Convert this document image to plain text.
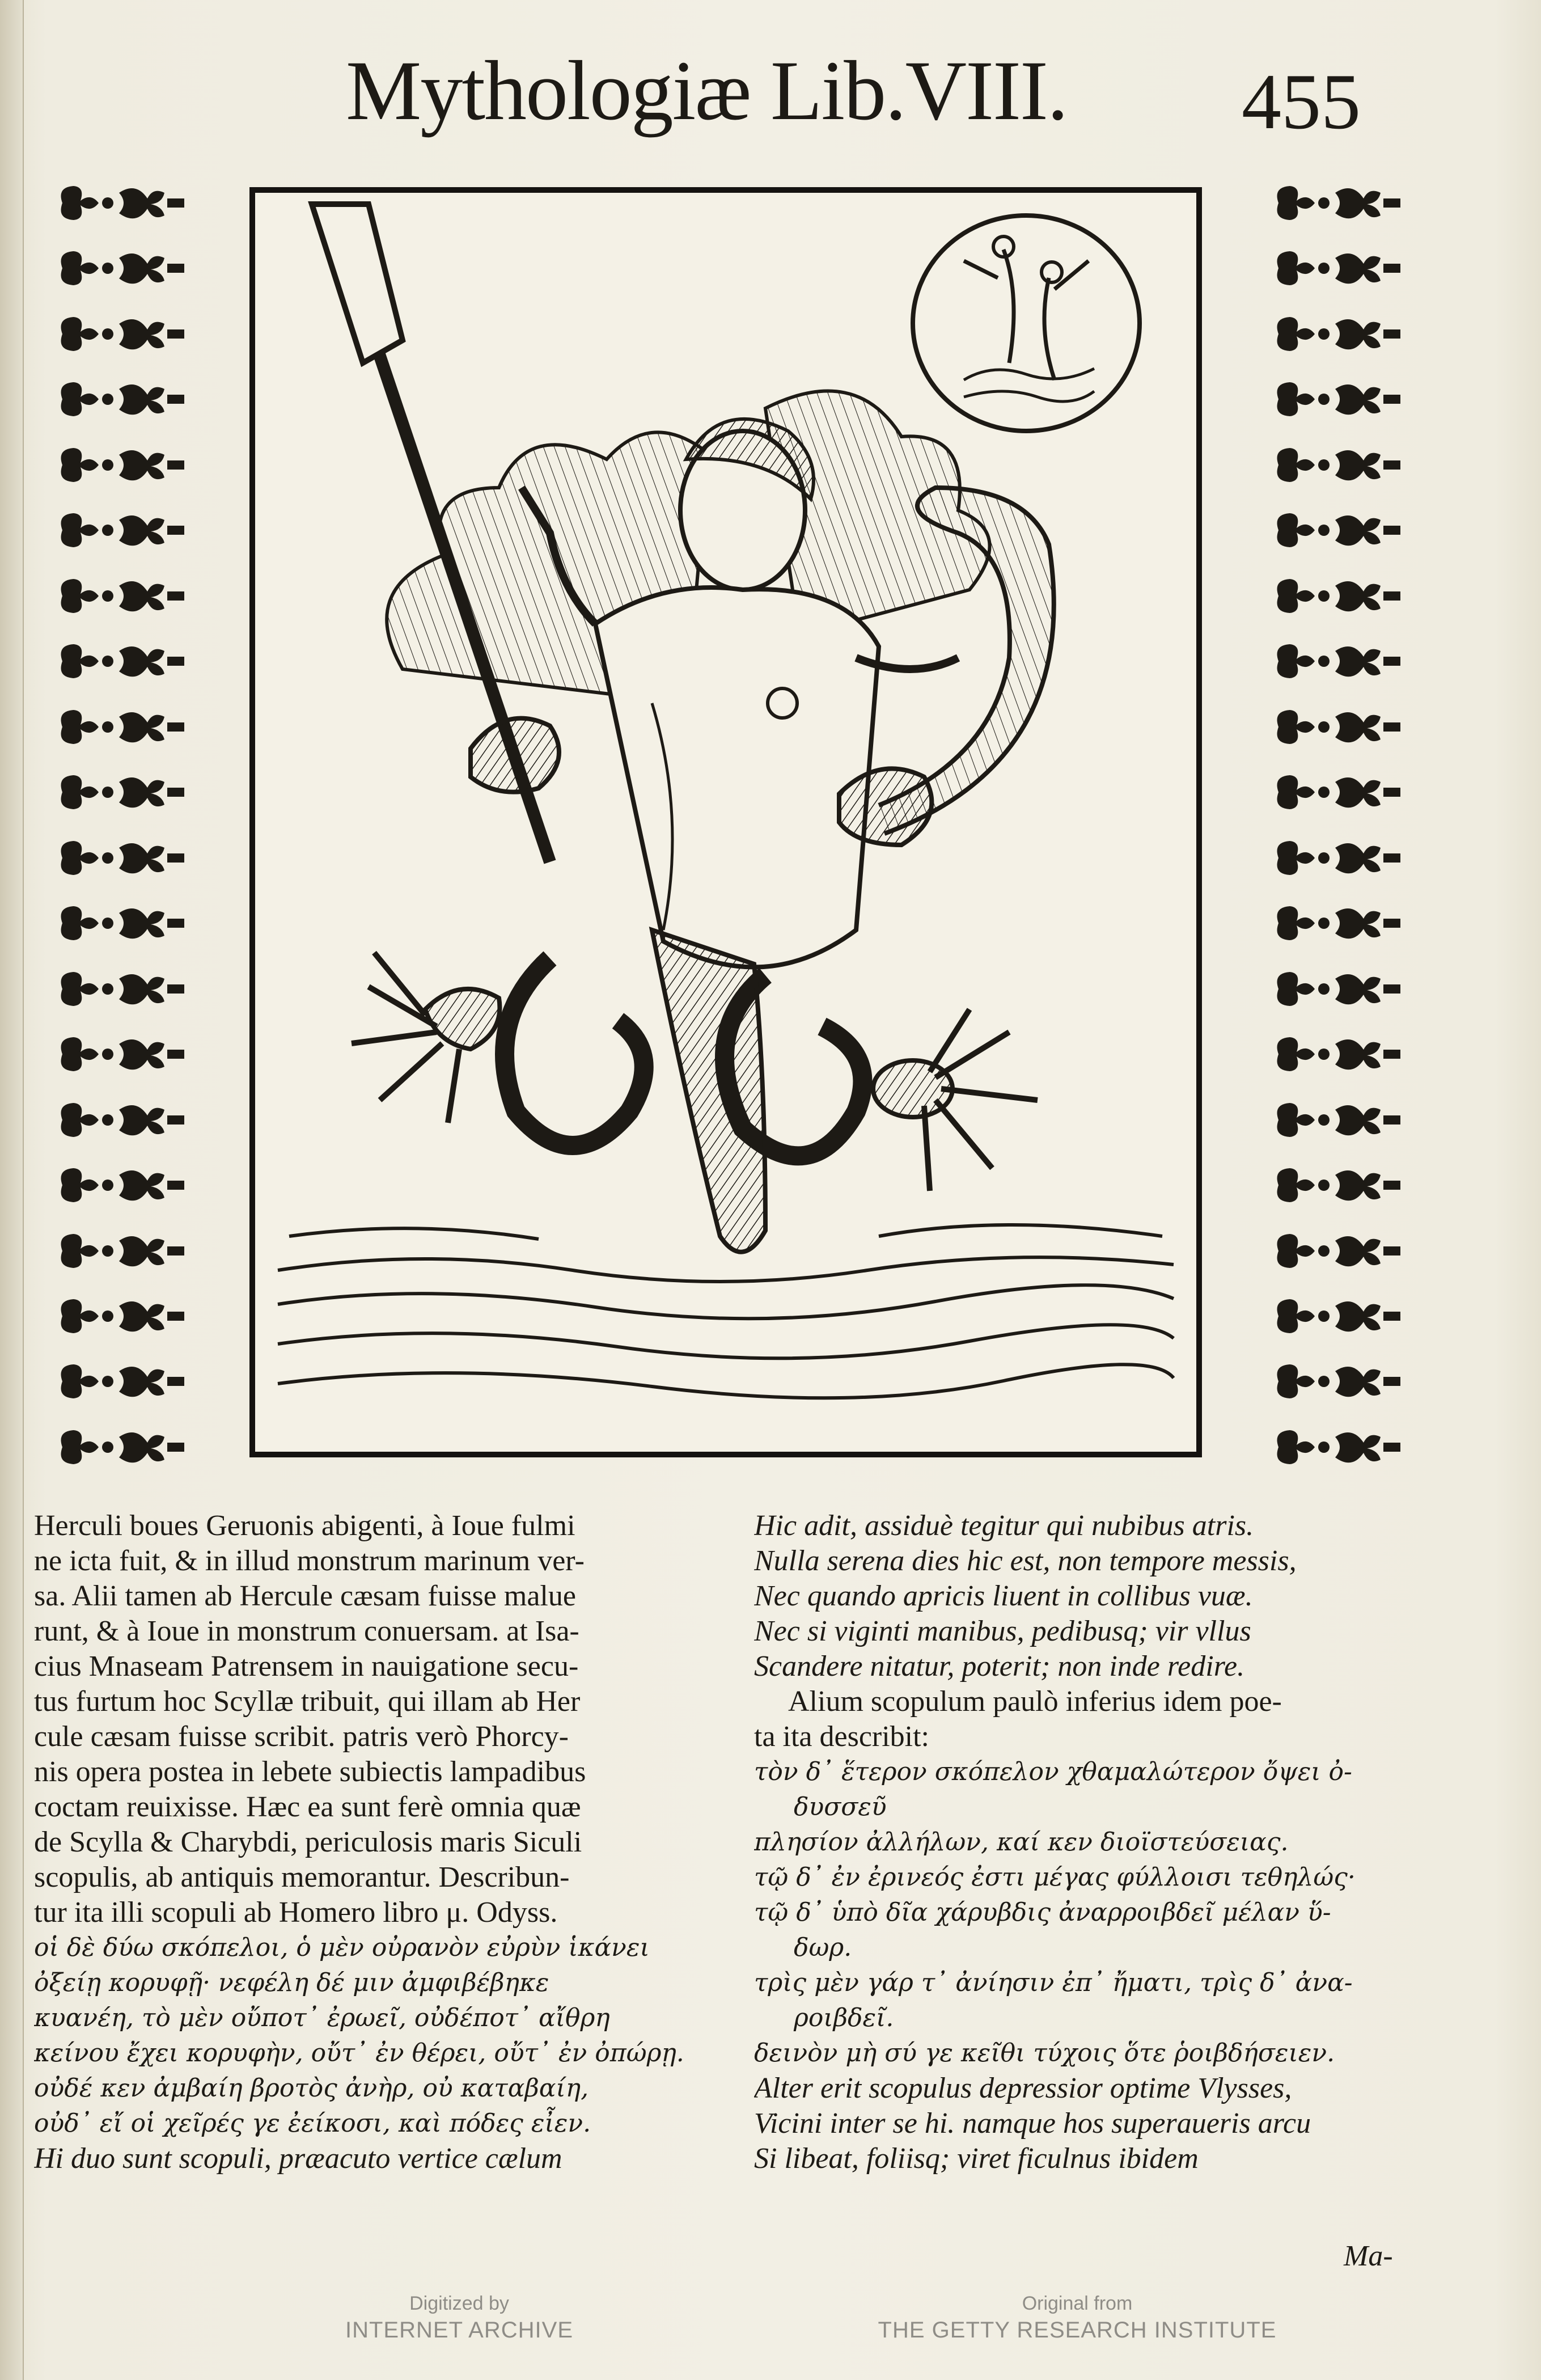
Mythologiæ Lib.VIII.	455
Herculi boues Geruonis abigenti, à Ioue fulmi
ne icta fuit, & in illud monstrum marinum ver-
sa. Alii tamen ab Hercule cæsam fuisse malue
runt, & à Ioue in monstrum conuersam. at Isa-
cius Mnaseam Patrensem in nauigatione secu-
tus furtum hoc Scyllæ tribuit, qui illam ab Her
cule cæsam fuisse scribit. patris verò Phorcy-
nis opera postea in lebete subiectis lampadibus
coctam reuixisse. Hæc ea sunt ferè omnia quæ
de Scylla & Charybdi, periculosis maris Siculi
scopulis, ab antiquis memorantur. Describun-
tur ita illi scopuli ab Homero libro μ. Odyss.
οἱ δὲ δύω σκόπελοι, ὁ μὲν οὐρανὸν εὐρὺν ἱκάνει
ὀξείῃ κορυφῇ· νεφέλη δέ μιν ἀμφιβέβηκε
κυανέη, τὸ μὲν οὔποτ᾽ ἐρωεῖ, οὐδέποτ᾽ αἴθρη
κείνου ἔχει κορυφὴν, οὔτ᾽ ἐν θέρει, οὔτ᾽ ἐν ὀπώρῃ.
οὐδέ κεν ἀμβαίη βροτὸς ἀνὴρ, οὐ καταβαίη,
οὐδ᾽ εἴ οἱ χεῖρές γε ἐείκοσι, καὶ πόδες εἶεν.
Hi duo sunt scopuli, præacuto vertice cælum
Hic adit, assiduè tegitur qui nubibus atris.
Nulla serena dies hic est, non tempore messis,
Nec quando apricis liuent in collibus vuæ.
Nec si viginti manibus, pedibusq; vir vllus
Scandere nitatur, poterit; non inde redire.
Alium scopulum paulò inferius idem poe-
ta ita describit:
τὸν δ᾽ ἕτερον σκόπελον χθαμαλώτερον ὄψει ὀ-
δυσσεῦ
πλησίον ἀλλήλων, καί κεν διοϊστεύσειας.
τῷ δ᾽ ἐν ἐρινεός ἐστι μέγας φύλλοισι τεθηλώς·
τῷ δ᾽ ὑπὸ δῖα χάρυβδις ἀναρροιβδεῖ μέλαν ὕ-
δωρ.
τρὶς μὲν γάρ τ᾽ ἀνίησιν ἐπ᾽ ἤματι, τρὶς δ᾽ ἀνα-
ροιβδεῖ.
δεινὸν μὴ σύ γε κεῖθι τύχοις ὅτε ῥοιβδήσειεν.
Alter erit scopulus depressior optime Vlysses,
Vicini inter se hi. namque hos superaueris arcu
Si libeat, foliisq; viret ficulnus ibidem
Ma-
Digitized by
INTERNET ARCHIVE
Original from
THE GETTY RESEARCH INSTITUTE
